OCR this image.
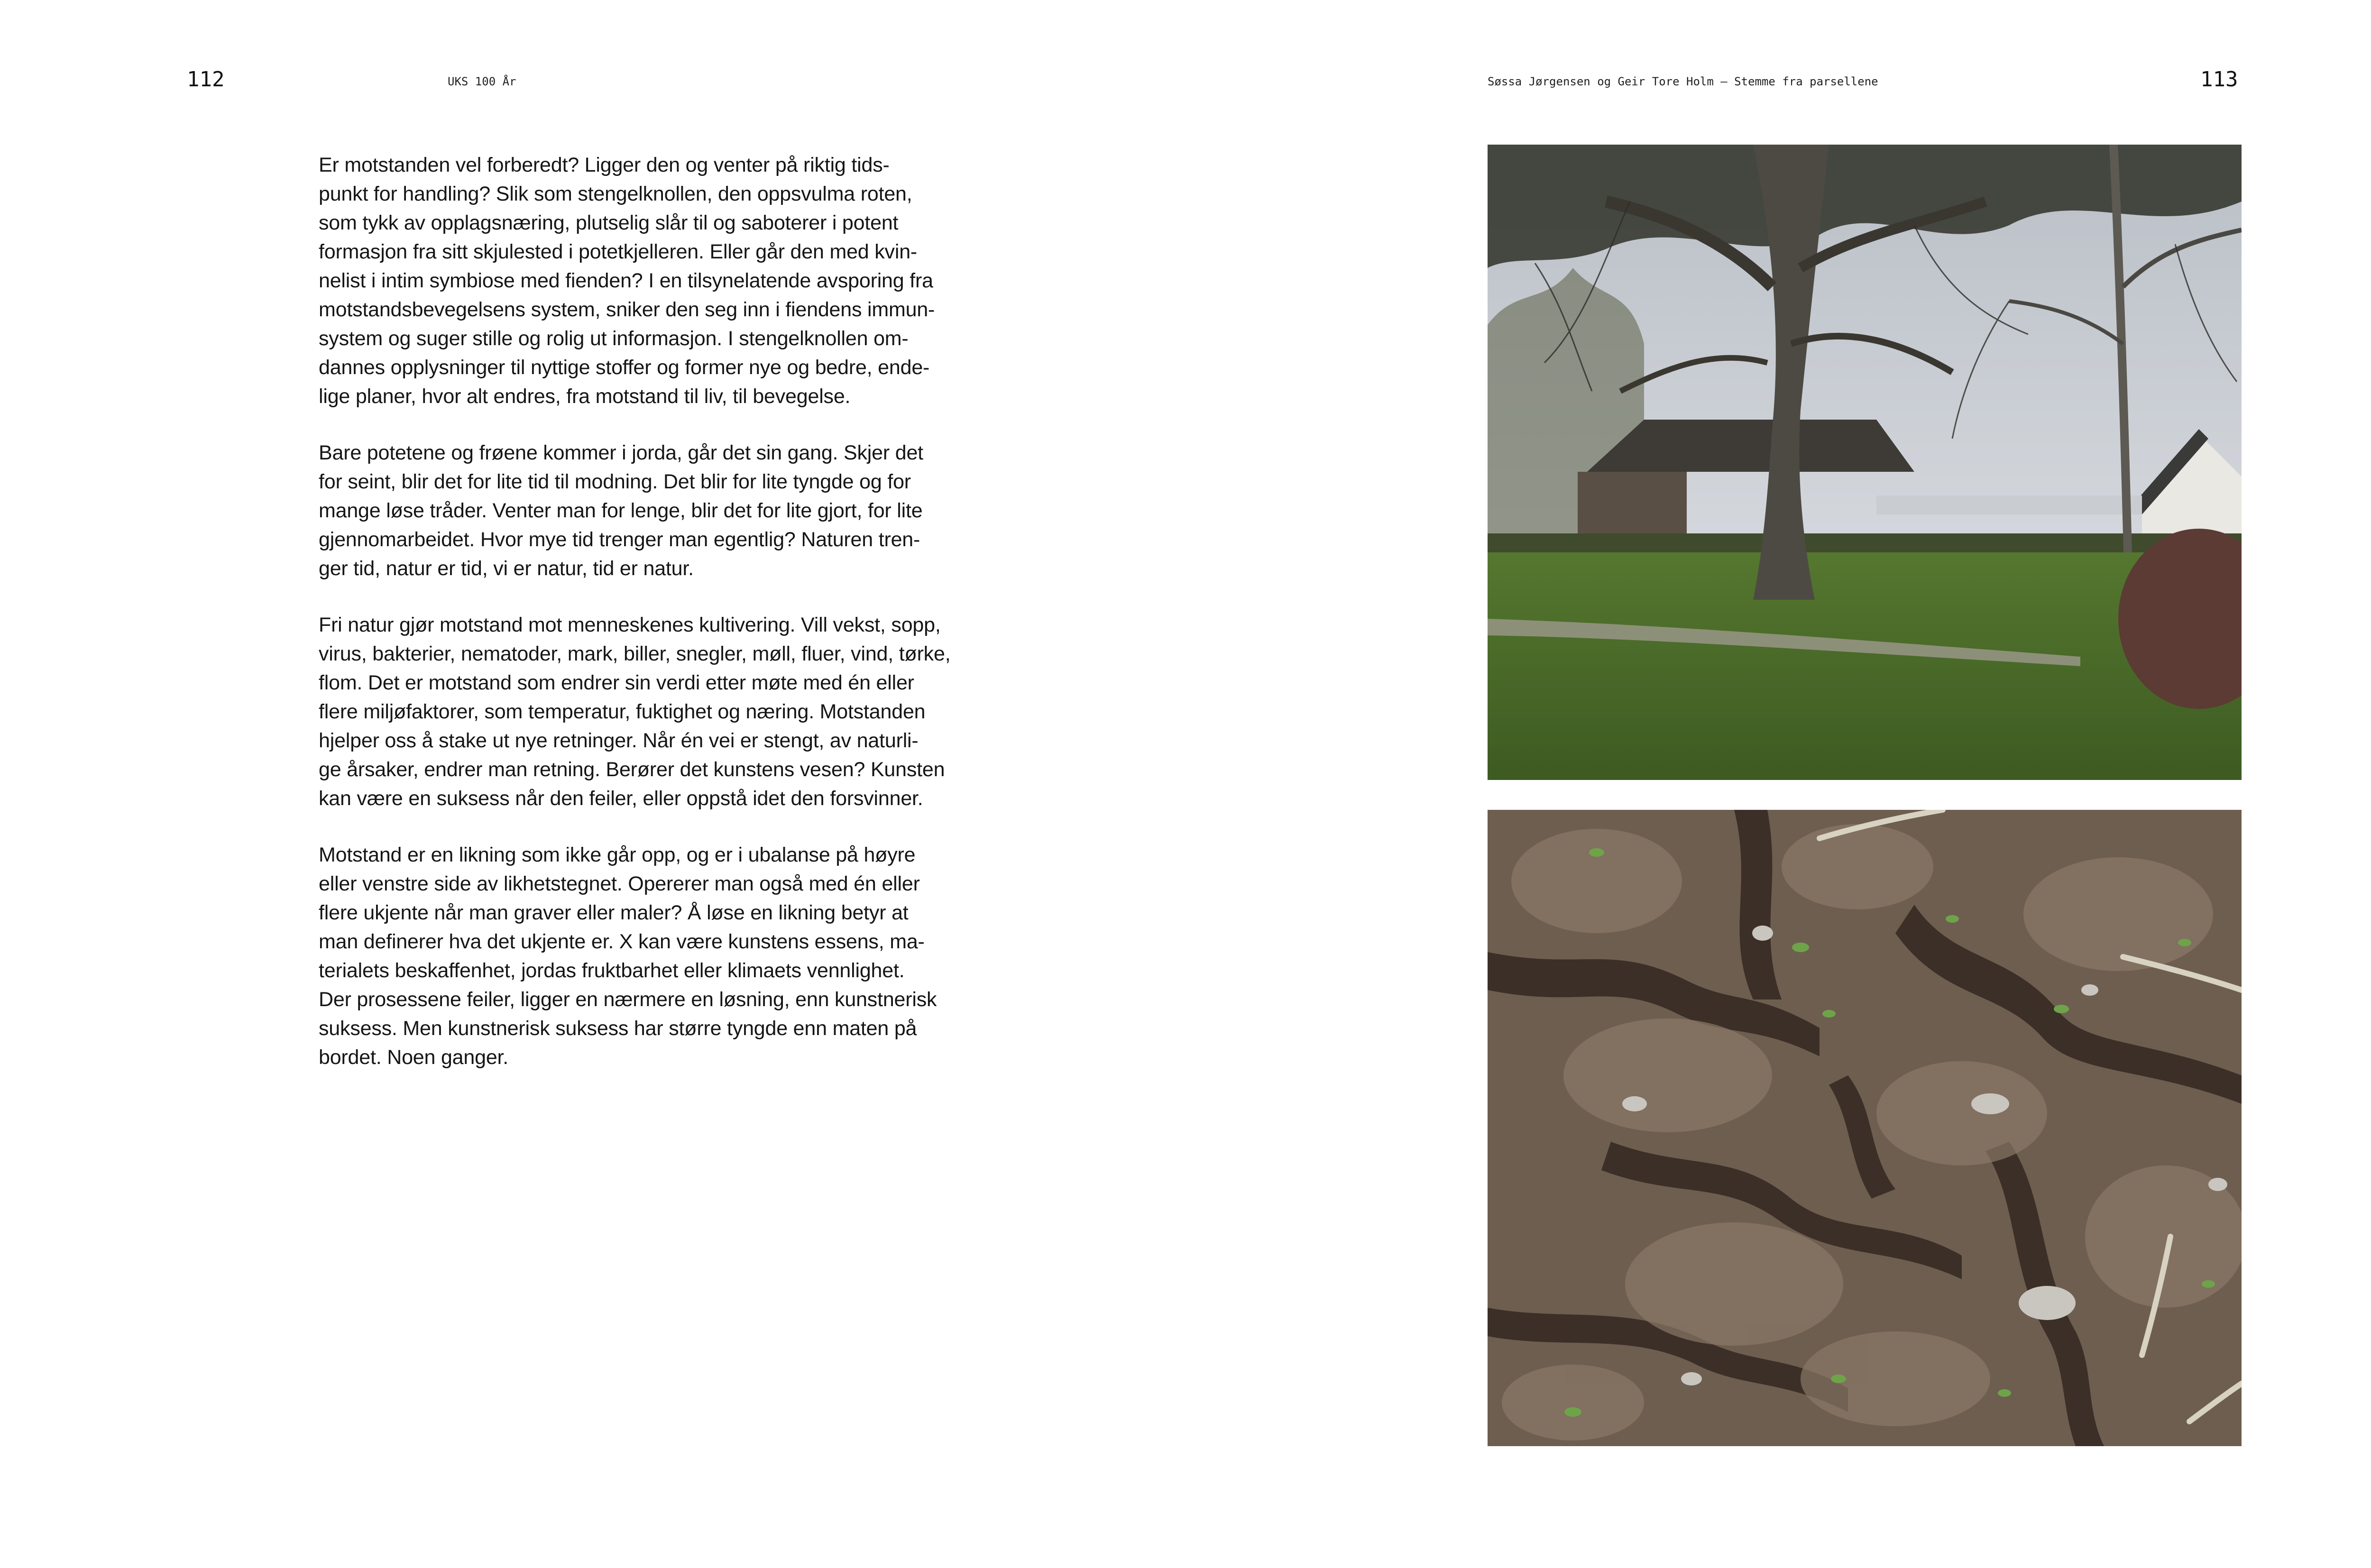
112	UKS 100 År	Søssa Jørgensen og Geir Tore Holm – Stemme fra parsellene	113

Er motstanden vel forberedt? Ligger den og venter på riktig tids-
punkt for handling? Slik som stengelknollen, den oppsvulma roten,
som tykk av opplagsnæring, plutselig slår til og saboterer i potent
formasjon fra sitt skjulested i potetkjelleren. Eller går den med kvin-
nelist i intim symbiose med fienden? I en tilsynelatende avsporing fra
motstandsbevegelsens system, sniker den seg inn i fiendens immun-
system og suger stille og rolig ut informasjon. I stengelknollen om-
dannes opplysninger til nyttige stoffer og former nye og bedre, ende-
lige planer, hvor alt endres, fra motstand til liv, til bevegelse.

Bare potetene og frøene kommer i jorda, går det sin gang. Skjer det
for seint, blir det for lite tid til modning. Det blir for lite tyngde og for
mange løse tråder. Venter man for lenge, blir det for lite gjort, for lite
gjennomarbeidet. Hvor mye tid trenger man egentlig? Naturen tren-
ger tid, natur er tid, vi er natur, tid er natur.

Fri natur gjør motstand mot menneskenes kultivering. Vill vekst, sopp,
virus, bakterier, nematoder, mark, biller, snegler, møll, fluer, vind, tørke,
flom. Det er motstand som endrer sin verdi etter møte med én eller
flere miljøfaktorer, som temperatur, fuktighet og næring. Motstanden
hjelper oss å stake ut nye retninger. Når én vei er stengt, av naturli-
ge årsaker, endrer man retning. Berører det kunstens vesen? Kunsten
kan være en suksess når den feiler, eller oppstå idet den forsvinner.

Motstand er en likning som ikke går opp, og er i ubalanse på høyre
eller venstre side av likhetstegnet. Opererer man også med én eller
flere ukjente når man graver eller maler? Å løse en likning betyr at
man definerer hva det ukjente er. X kan være kunstens essens, ma-
terialets beskaffenhet, jordas fruktbarhet eller klimaets vennlighet.
Der prosessene feiler, ligger en nærmere en løsning, enn kunstnerisk
suksess. Men kunstnerisk suksess har større tyngde enn maten på
bordet. Noen ganger.
